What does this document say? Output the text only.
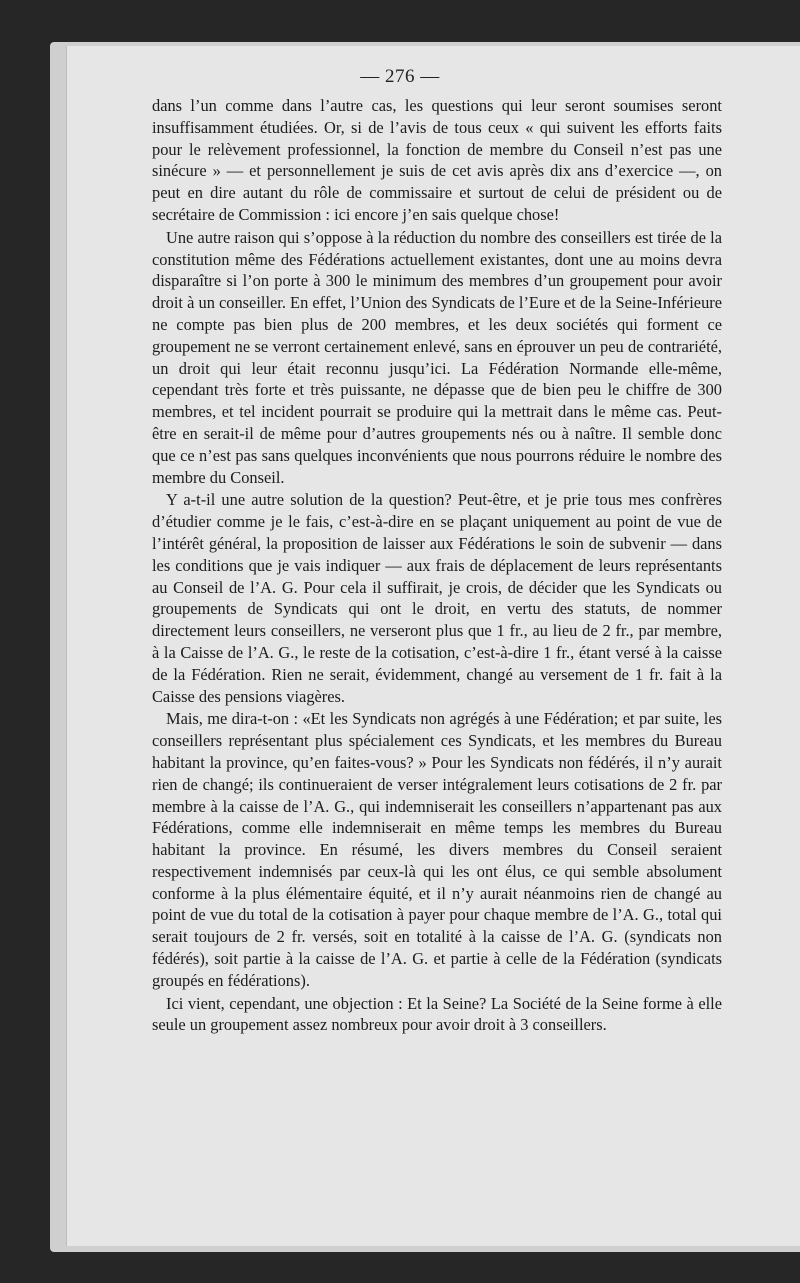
— 276 —

dans l’un comme dans l’autre cas, les questions qui leur seront soumises seront insuffisamment étudiées. Or, si de l’avis de tous ceux « qui suivent les efforts faits pour le relèvement professionnel, la fonction de membre du Conseil n’est pas une sinécure » — et personnellement je suis de cet avis après dix ans d’exercice —, on peut en dire autant du rôle de commissaire et surtout de celui de président ou de secrétaire de Commission : ici encore j’en sais quelque chose!

Une autre raison qui s’oppose à la réduction du nombre des conseillers est tirée de la constitution même des Fédérations actuellement existantes, dont une au moins devra disparaître si l’on porte à 300 le minimum des membres d’un groupement pour avoir droit à un conseiller. En effet, l’Union des Syndicats de l’Eure et de la Seine-Inférieure ne compte pas bien plus de 200 membres, et les deux sociétés qui forment ce groupement ne se verront certainement enlevé, sans en éprouver un peu de contrariété, un droit qui leur était reconnu jusqu’ici. La Fédération Normande elle-même, cependant très forte et très puissante, ne dépasse que de bien peu le chiffre de 300 membres, et tel incident pourrait se produire qui la mettrait dans le même cas. Peut-être en serait-il de même pour d’autres groupements nés ou à naître. Il semble donc que ce n’est pas sans quelques inconvénients que nous pourrons réduire le nombre des membre du Conseil.

Y a-t-il une autre solution de la question? Peut-être, et je prie tous mes confrères d’étudier comme je le fais, c’est-à-dire en se plaçant uniquement au point de vue de l’intérêt général, la proposition de laisser aux Fédérations le soin de subvenir — dans les conditions que je vais indiquer — aux frais de déplacement de leurs représentants au Conseil de l’A. G. Pour cela il suffirait, je crois, de décider que les Syndicats ou groupements de Syndicats qui ont le droit, en vertu des statuts, de nommer directement leurs conseillers, ne verseront plus que 1 fr., au lieu de 2 fr., par membre, à la Caisse de l’A. G., le reste de la cotisation, c’est-à-dire 1 fr., étant versé à la caisse de la Fédération. Rien ne serait, évidemment, changé au versement de 1 fr. fait à la Caisse des pensions viagères.

Mais, me dira-t-on : «Et les Syndicats non agrégés à une Fédération; et par suite, les conseillers représentant plus spécialement ces Syndicats, et les membres du Bureau habitant la province, qu’en faites-vous? » Pour les Syndicats non fédérés, il n’y aurait rien de changé; ils continueraient de verser intégralement leurs cotisations de 2 fr. par membre à la caisse de l’A. G., qui indemniserait les conseillers n’appartenant pas aux Fédérations, comme elle indemniserait en même temps les membres du Bureau habitant la province. En résumé, les divers membres du Conseil seraient respectivement indemnisés par ceux-là qui les ont élus, ce qui semble absolument conforme à la plus élémentaire équité, et il n’y aurait néanmoins rien de changé au point de vue du total de la cotisation à payer pour chaque membre de l’A. G., total qui serait toujours de 2 fr. versés, soit en totalité à la caisse de l’A. G. (syndicats non fédérés), soit partie à la caisse de l’A. G. et partie à celle de la Fédération (syndicats groupés en fédérations).

Ici vient, cependant, une objection : Et la Seine? La Société de la Seine forme à elle seule un groupement assez nombreux pour avoir droit à 3 conseillers.
